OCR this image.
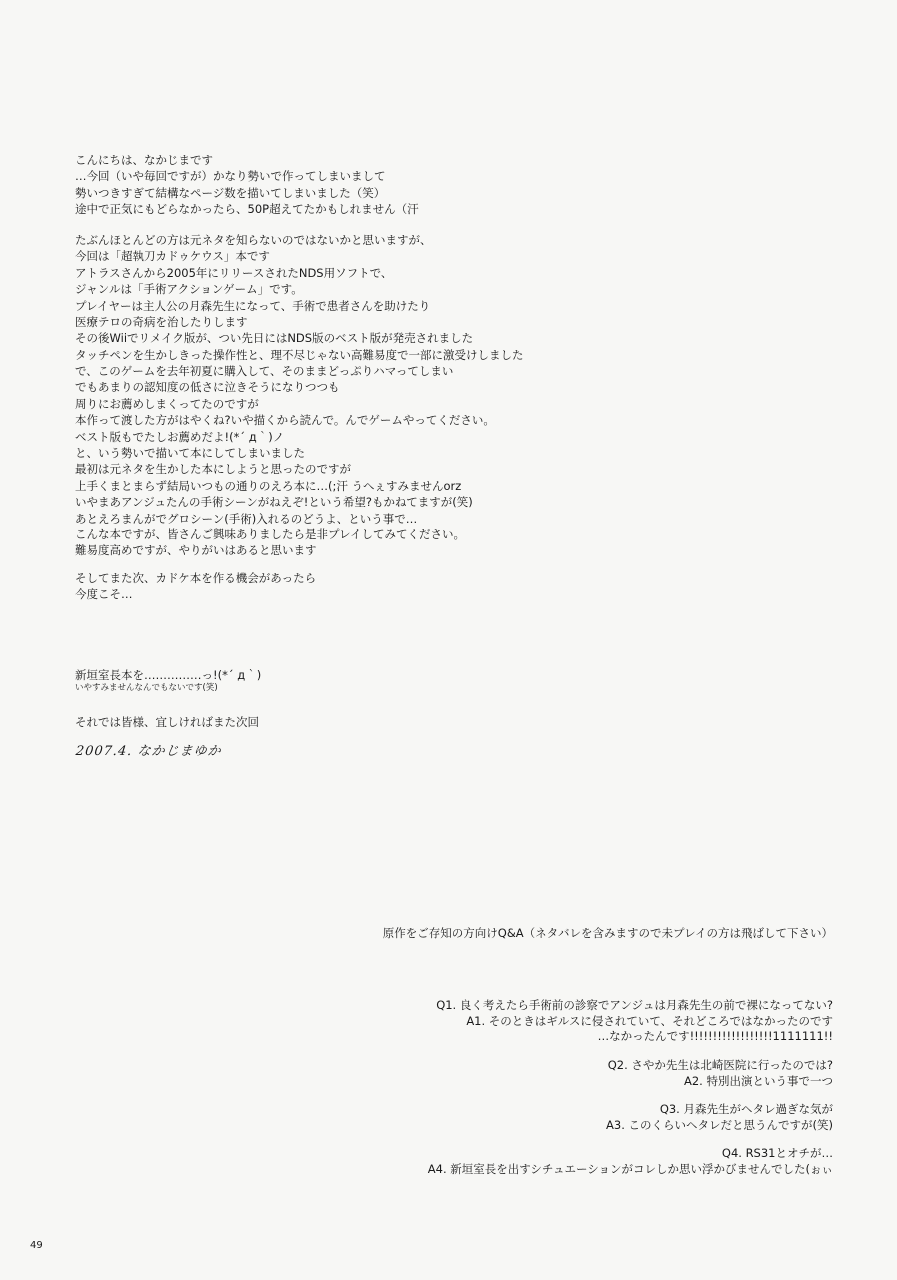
こんにちは、なかじまです
…今回（いや毎回ですが）かなり勢いで作ってしまいまして
勢いつきすぎて結構なページ数を描いてしまいました（笑）
途中で正気にもどらなかったら、50P超えてたかもしれません（汗
たぶんほとんどの方は元ネタを知らないのではないかと思いますが、
今回は「超執刀カドゥケウス」本です
アトラスさんから2005年にリリースされたNDS用ソフトで、
ジャンルは「手術アクションゲーム」です。
プレイヤーは主人公の月森先生になって、手術で患者さんを助けたり
医療テロの奇病を治したりします
その後Wiiでリメイク版が、つい先日にはNDS版のベスト版が発売されました
タッチペンを生かしきった操作性と、理不尽じゃない高難易度で一部に激受けしました
で、このゲームを去年初夏に購入して、そのままどっぷりハマってしまい
でもあまりの認知度の低さに泣きそうになりつつも
周りにお薦めしまくってたのですが
本作って渡した方がはやくね?いや描くから読んで。んでゲームやってください。
ベスト版もでたしお薦めだよ!(*´ д｀)ノ
と、いう勢いで描いて本にしてしまいました
最初は元ネタを生かした本にしようと思ったのですが
上手くまとまらず結局いつもの通りのえろ本に…(;汗 うへぇすみませんorz
いやまあアンジュたんの手術シーンがねえぞ!という希望?もかねてますが(笑)
あとえろまんがでグロシーン(手術)入れるのどうよ、という事で…
こんな本ですが、皆さんご興味ありましたら是非プレイしてみてください。
難易度高めですが、やりがいはあると思います
そしてまた次、カドケ本を作る機会があったら
今度こそ…
新垣室長本を……………っ!(*´ д｀)
いやすみませんなんでもないです(笑)
それでは皆様、宜しければまた次回
2007.4. なかじまゆか
原作をご存知の方向けQ&A（ネタバレを含みますので未プレイの方は飛ばして下さい）
Q1. 良く考えたら手術前の診察でアンジュは月森先生の前で裸になってない?
A1. そのときはギルスに侵されていて、それどころではなかったのです
…なかったんです!!!!!!!!!!!!!!!!!!1111111!!
Q2. さやか先生は北崎医院に行ったのでは?
A2. 特別出演という事で一つ
Q3. 月森先生がヘタレ過ぎな気が
A3. このくらいヘタレだと思うんですが(笑)
Q4. RS31とオチが…
A4. 新垣室長を出すシチュエーションがコレしか思い浮かびませんでした(ぉぃ
49
